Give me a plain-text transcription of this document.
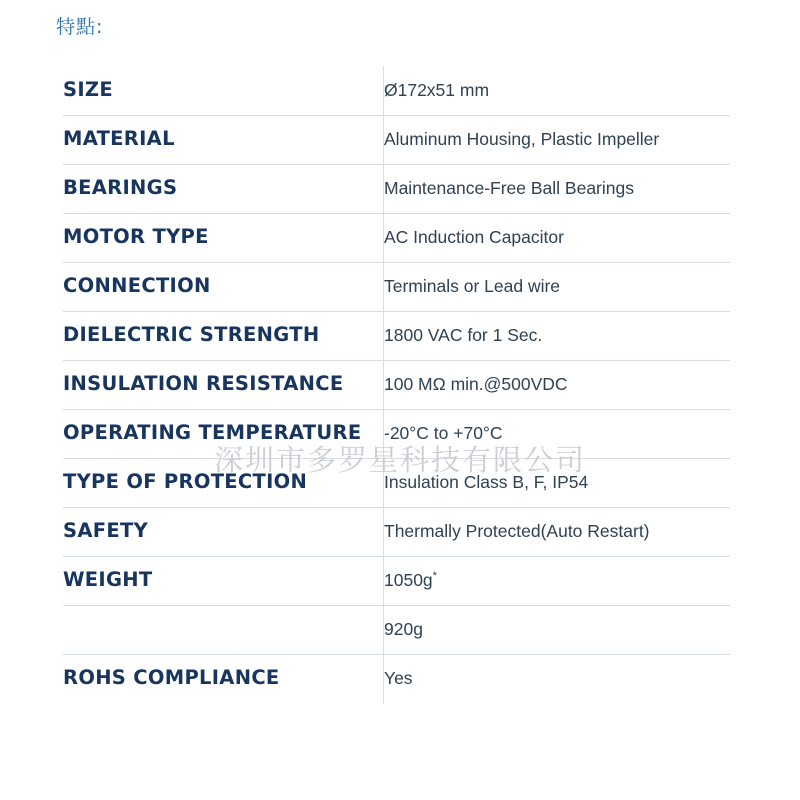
特點:
SIZE	Ø172x51 mm
MATERIAL	Aluminum Housing, Plastic Impeller
BEARINGS	Maintenance-Free Ball Bearings
MOTOR TYPE	AC Induction Capacitor
CONNECTION	Terminals or Lead wire
DIELECTRIC STRENGTH	1800 VAC for 1 Sec.
INSULATION RESISTANCE	100 MΩ min.@500VDC
OPERATING TEMPERATURE	-20°C to +70°C
TYPE OF PROTECTION	Insulation Class B, F, IP54
SAFETY	Thermally Protected(Auto Restart)
WEIGHT	1050g*
	920g
ROHS COMPLIANCE	Yes
深圳市多罗星科技有限公司
